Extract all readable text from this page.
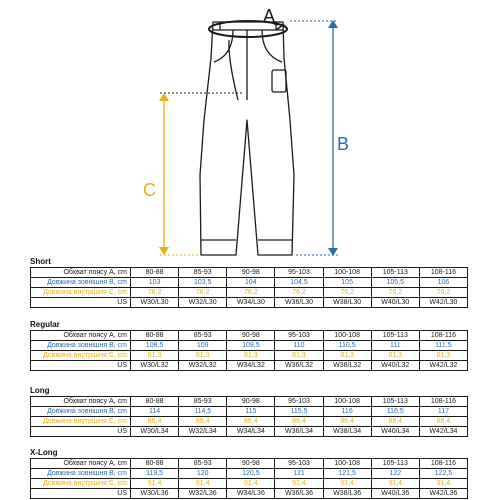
A
B
C
Short
Обхват поясу А, cm	80-88	85-93	90-98	95-103	100-108	105-113	108-116
Довжина зовнішня B, cm	103	103,5	104	104,5	105	105,5	106
Довжина внутрішня C, cm	76,2	76,2	76,2	76,2	76,2	76,2	76,2
US	W30/L30	W32/L30	W34/L30	W36/L30	W38/L30	W40/L30	W42/L30
Regular
Обхват поясу А, cm	80-88	85-93	90-98	95-103	100-108	105-113	108-116
Довжина зовнішня B, cm	108,5	109	109,5	110	110,5	111	111,5
Довжина внутрішня C, cm	81,3	81,3	81,3	81,3	81,3	81,3	81,3
US	W30/L32	W32/L32	W34/L32	W36/L32	W38/L32	W40/L32	W42/L32
Long
Обхват поясу А, cm	80-88	85-93	90-98	95-103	100-108	105-113	108-116
Довжина зовнішня B, cm	114	114,5	115	115,5	116	116,5	117
Довжина внутрішня C, cm	86,4	86,4	86,4	86,4	86,4	86,4	86,4
US	W30/L34	W32/L34	W34/L34	W36/L34	W38/L34	W40/L34	W42/L34
X-Long
Обхват поясу А, cm	80-88	85-93	90-98	95-103	100-108	105-113	108-116
Довжина зовнішня B, cm	119,5	120	120,5	121	121,5	122	122,5
Довжина внутрішня C, cm	91,4	91,4	91,4	91,4	91,4	91,4	91,4
US	W30/L36	W32/L36	W34/L36	W36/L36	W38/L36	W40/L36	W42/L36
